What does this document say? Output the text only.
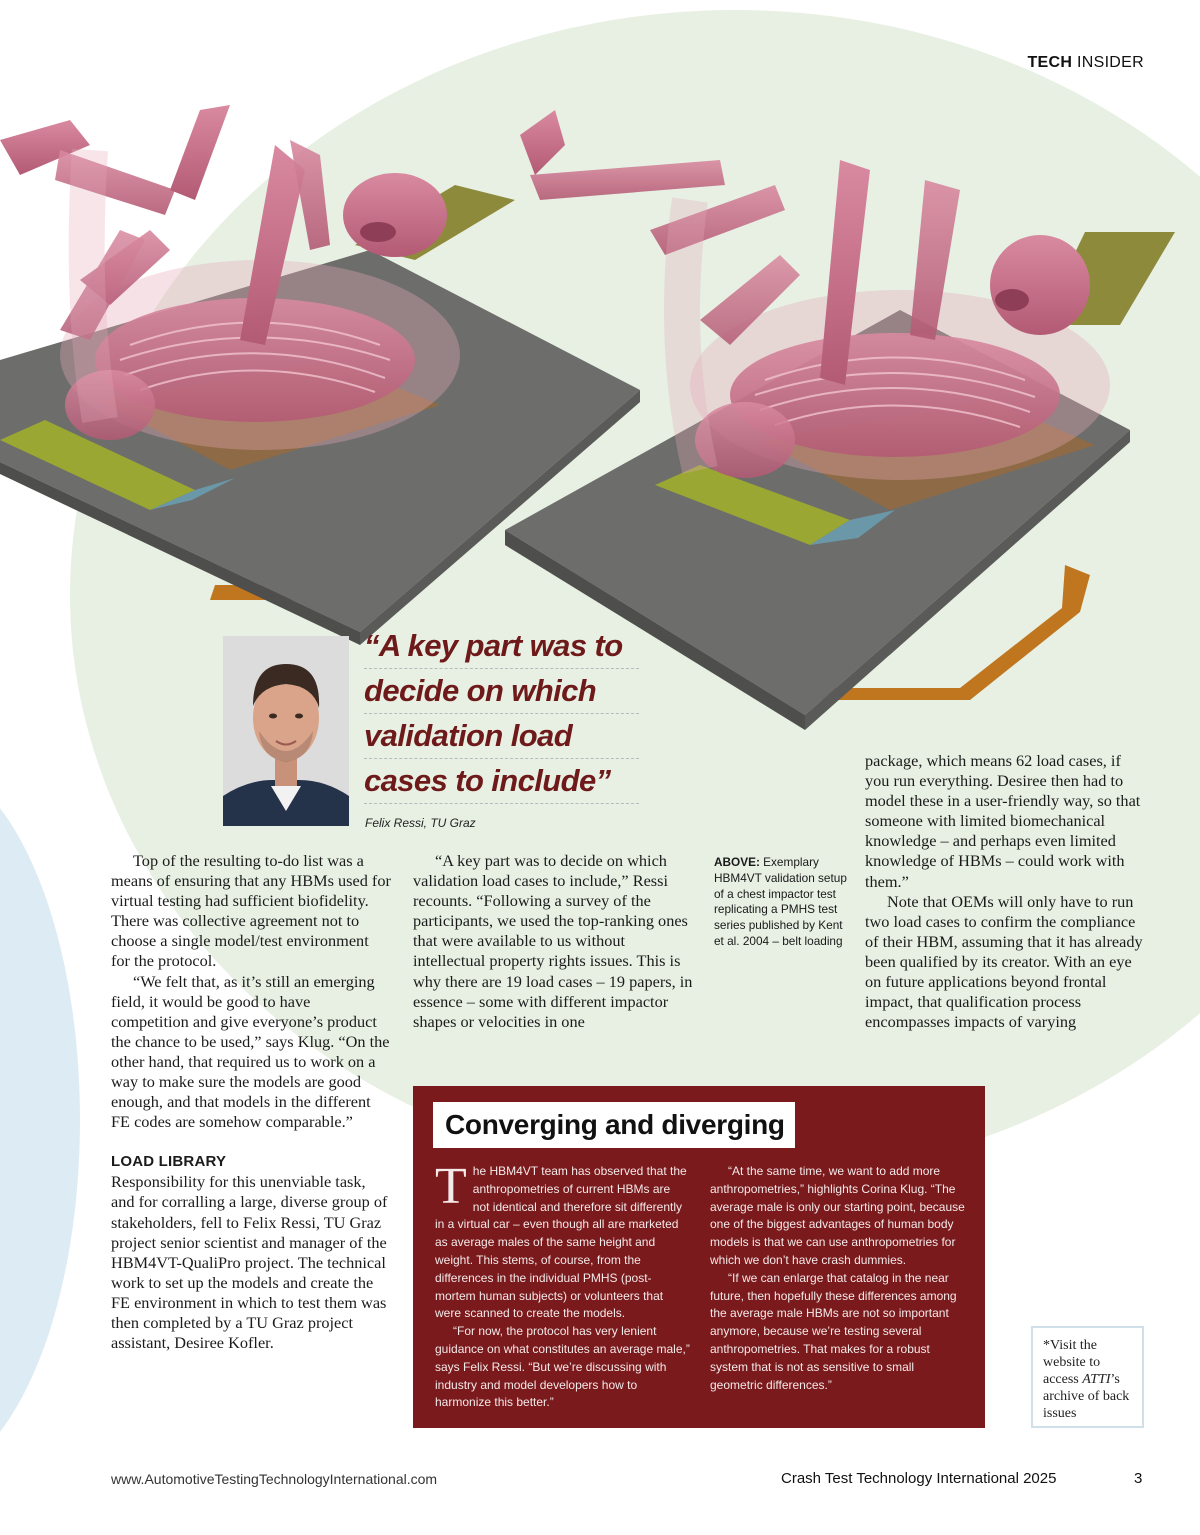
TECH INSIDER
“A key part was to
decide on which
validation load
cases to include”
Felix Ressi, TU Graz

Top of the resulting to-do list was a means of ensuring that any HBMs used for virtual testing had sufficient biofidelity. There was collective agreement not to choose a single model/test environment for the protocol.

“We felt that, as it’s still an emerging field, it would be good to have competition and give everyone’s product the chance to be used,” says Klug. “On the other hand, that required us to work on a way to make sure the models are good enough, and that models in the different FE codes are somehow comparable.”

LOAD LIBRARY

Responsibility for this unenviable task, and for corralling a large, diverse group of stakeholders, fell to Felix Ressi, TU Graz project senior scientist and manager of the HBM4VT-QualiPro project. The technical work to set up the models and create the FE environment in which to test them was then completed by a TU Graz project assistant, Desiree Kofler.

“A key part was to decide on which validation load cases to include,” Ressi recounts. “Following a survey of the participants, we used the top-ranking ones that were available to us without intellectual property rights issues. This is why there are 19 load cases – 19 papers, in essence – some with different impactor shapes or velocities in one

ABOVE: Exemplary HBM4VT validation setup of a chest impactor test replicating a PMHS test series published by Kent et al. 2004 – belt loading

package, which means 62 load cases, if you run everything. Desiree then had to model these in a user-friendly way, so that someone with limited biomechanical knowledge – and perhaps even limited knowledge of HBMs – could work with them.”

Note that OEMs will only have to run two load cases to confirm the compliance of their HBM, assuming that it has already been qualified by its creator. With an eye on future applications beyond frontal impact, that qualification process encompasses impacts of varying

Converging and diverging

The HBM4VT team has observed that the anthropometries of current HBMs are not identical and therefore sit differently in a virtual car – even though all are marketed as average males of the same height and weight. This stems, of course, from the differences in the individual PMHS (post-mortem human subjects) or volunteers that were scanned to create the models.

“For now, the protocol has very lenient guidance on what constitutes an average male,” says Felix Ressi. “But we’re discussing with industry and model developers how to harmonize this better.”

“At the same time, we want to add more anthropometries,” highlights Corina Klug. “The average male is only our starting point, because one of the biggest advantages of human body models is that we can use anthropometries for which we don’t have crash dummies.

“If we can enlarge that catalog in the near future, then hopefully these differences among the average male HBMs are not so important anymore, because we’re testing several anthropometries. That makes for a robust system that is not as sensitive to small geometric differences.”

*Visit the website to access ATTI’s archive of back issues
www.AutomotiveTestingTechnologyInternational.com	Crash Test Technology International 2025	3
